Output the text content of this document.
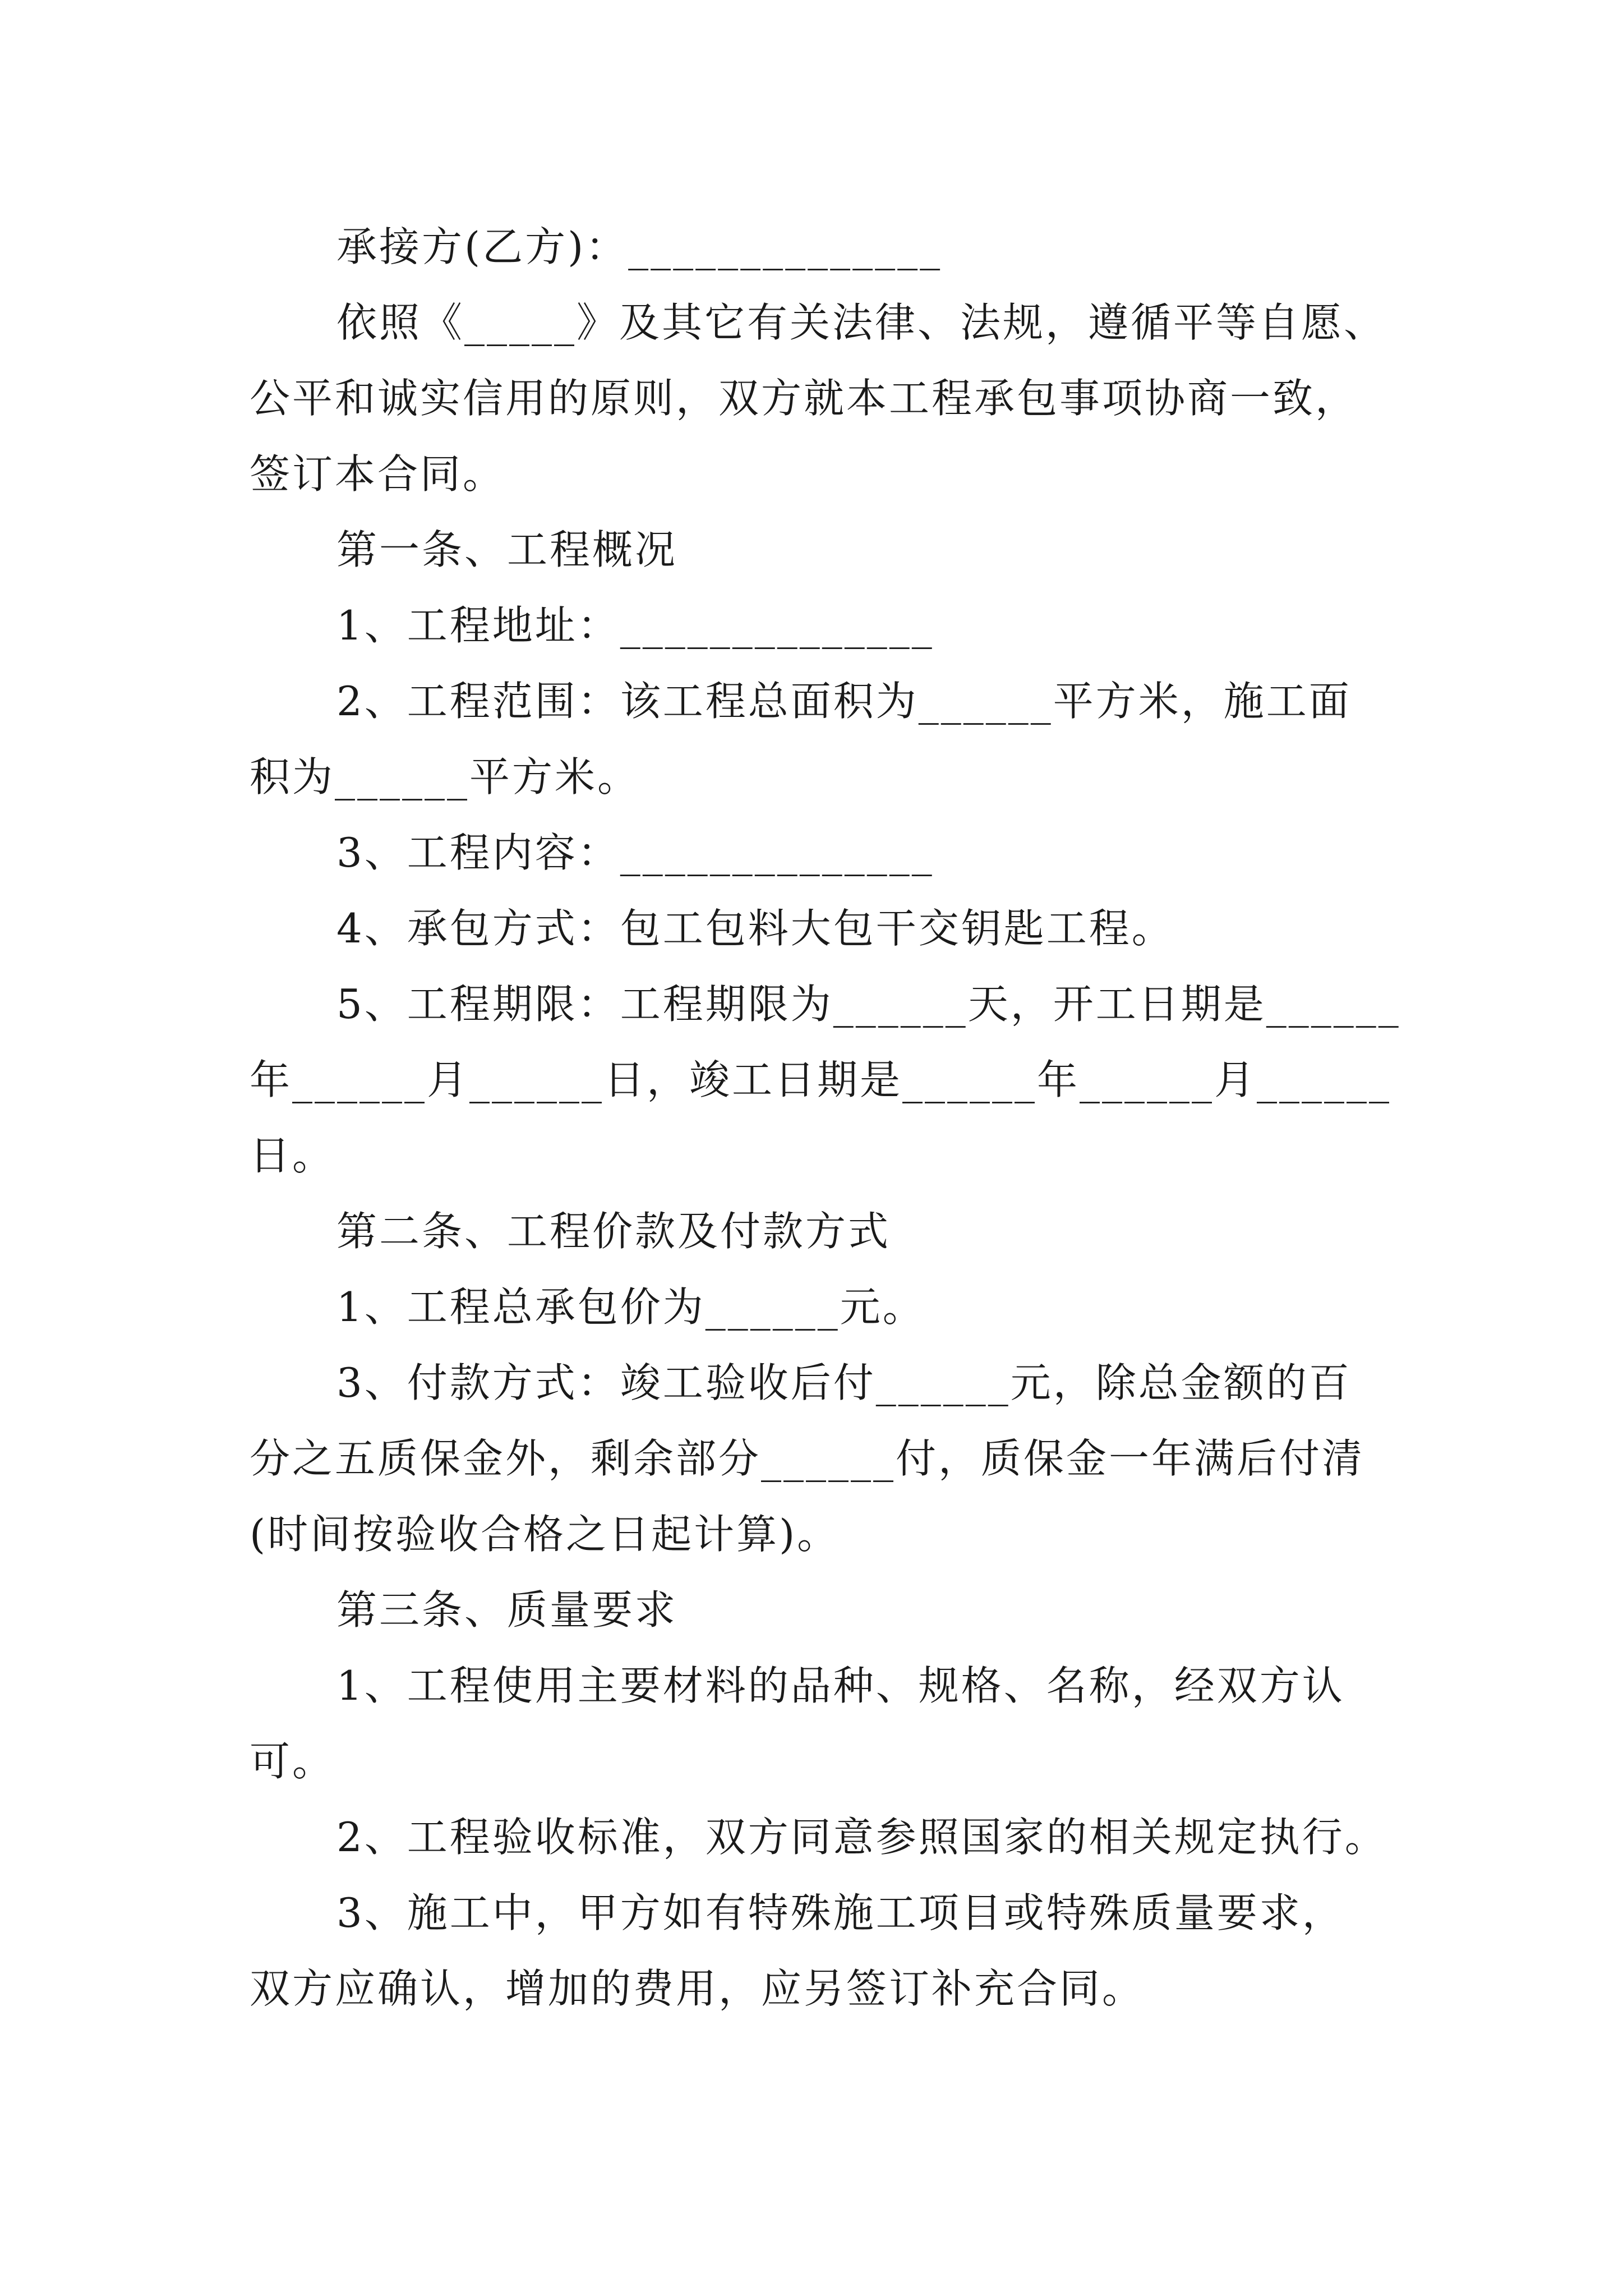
承接方(乙方)：______________
依照《_____》及其它有关法律、法规，遵循平等自愿、
公平和诚实信用的原则，双方就本工程承包事项协商一致，
签订本合同。
第一条、工程概况
1、工程地址：______________
2、工程范围：该工程总面积为______平方米，施工面
积为______平方米。
3、工程内容：______________
4、承包方式：包工包料大包干交钥匙工程。
5、工程期限：工程期限为______天，开工日期是______
年______月______日，竣工日期是______年______月______
日。
第二条、工程价款及付款方式
1、工程总承包价为______元。
3、付款方式：竣工验收后付______元，除总金额的百
分之五质保金外，剩余部分______付，质保金一年满后付清
(时间按验收合格之日起计算)。
第三条、质量要求
1、工程使用主要材料的品种、规格、名称，经双方认
可。
2、工程验收标准，双方同意参照国家的相关规定执行。
3、施工中，甲方如有特殊施工项目或特殊质量要求，
双方应确认，增加的费用，应另签订补充合同。
